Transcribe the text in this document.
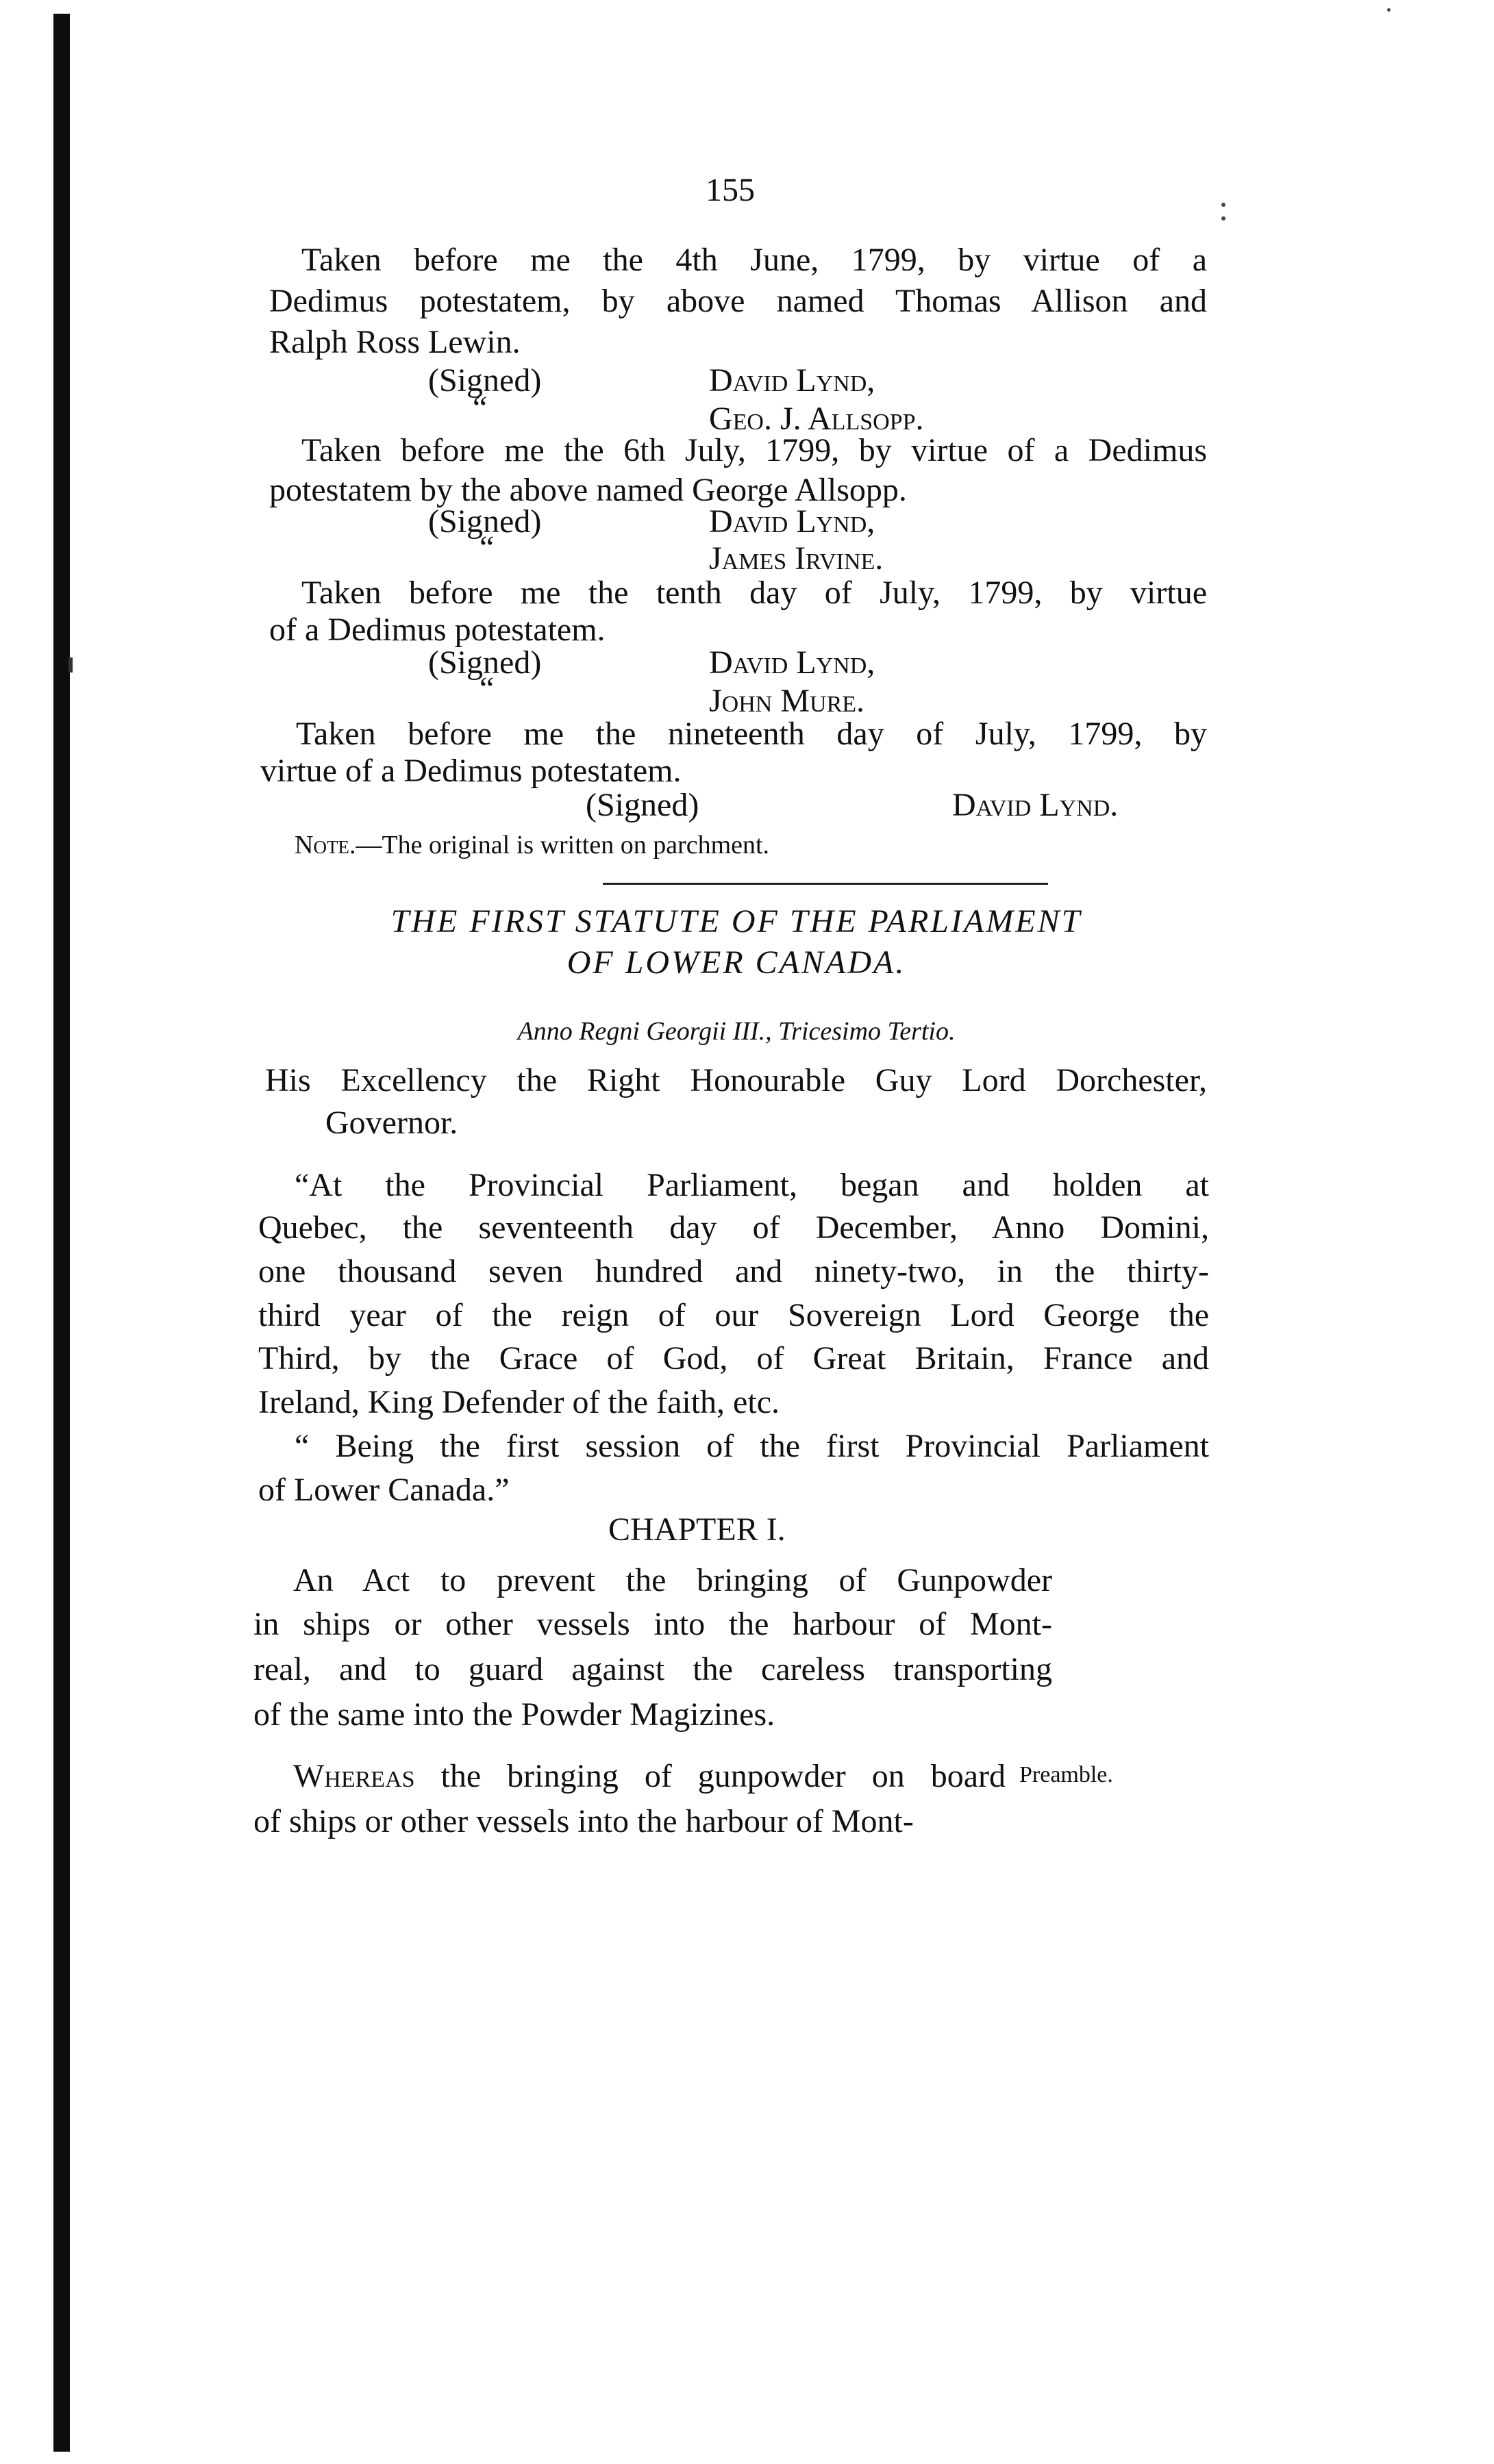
155
Taken before me the 4th June, 1799, by virtue of a
Dedimus potestatem, by above named Thomas Allison and
Ralph Ross Lewin.
(Signed)	David Lynd,
“	Geo. J. Allsopp.
Taken before me the 6th July, 1799, by virtue of a Dedimus
potestatem by the above named George Allsopp.
(Signed)	David Lynd,
“	James Irvine.
Taken before me the tenth day of July, 1799, by virtue
of a Dedimus potestatem.
(Signed)	David Lynd,
“	John Mure.
Taken before me the nineteenth day of July, 1799, by
virtue of a Dedimus potestatem.
(Signed)	David Lynd.
Note.—The original is written on parchment.
THE FIRST STATUTE OF THE PARLIAMENT
OF LOWER CANADA.
Anno Regni Georgii III., Tricesimo Tertio.
His Excellency the Right Honourable Guy Lord Dorchester,
Governor.
“At the Provincial Parliament, began and holden at
Quebec, the seventeenth day of December, Anno Domini,
one thousand seven hundred and ninety-two, in the thirty-
third year of the reign of our Sovereign Lord George the
Third, by the Grace of God, of Great Britain, France and
Ireland, King Defender of the faith, etc.
“ Being the first session of the first Provincial Parliament
of Lower Canada.”
CHAPTER I.
An Act to prevent the bringing of Gunpowder
in ships or other vessels into the harbour of Mont-
real, and to guard against the careless transporting
of the same into the Powder Magizines.
Whereas the bringing of gunpowder on board
of ships or other vessels into the harbour of Mont-
Preamble.
